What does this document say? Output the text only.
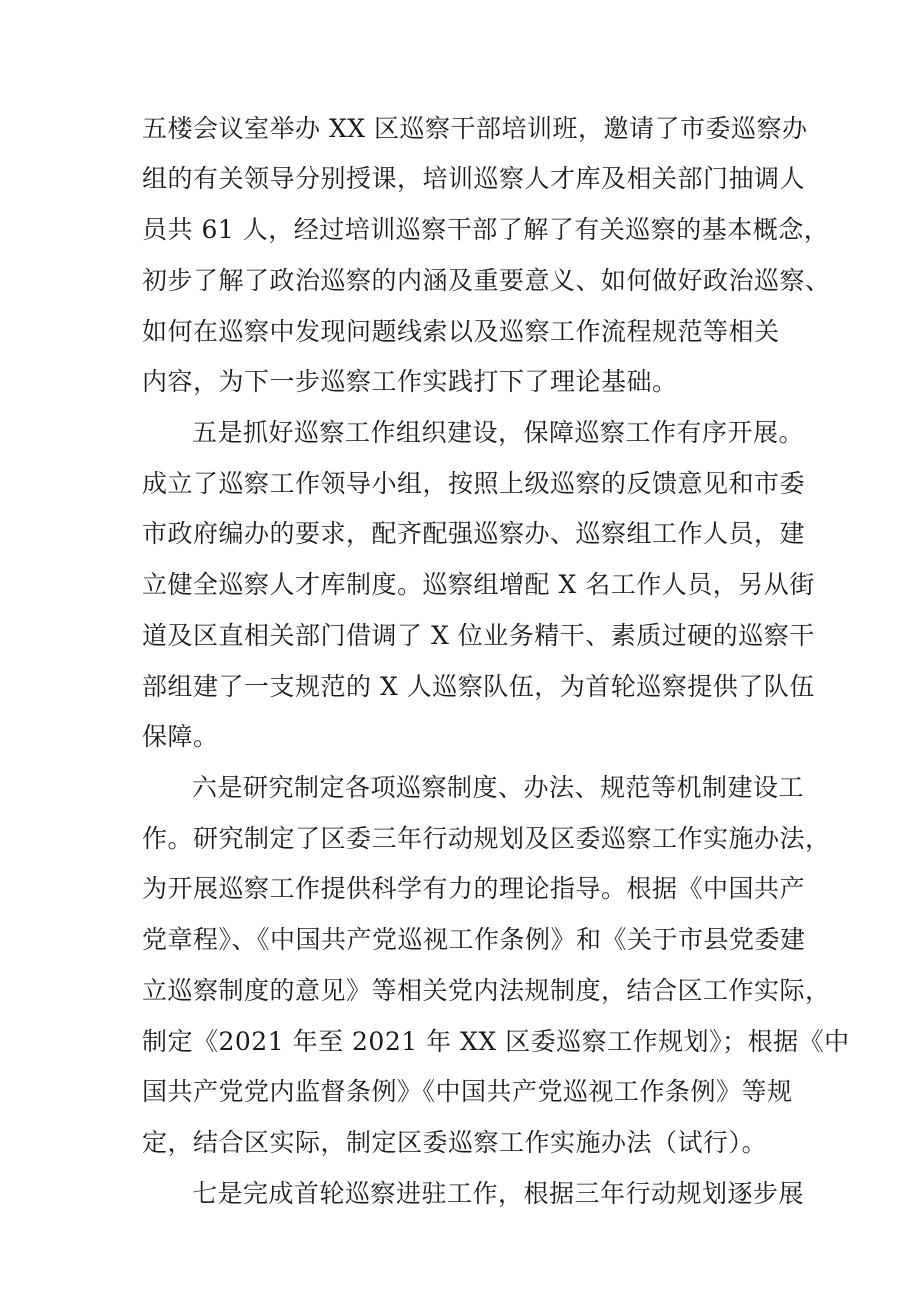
五楼会议室举办 XX 区巡察干部培训班，邀请了市委巡察办
组的有关领导分别授课，培训巡察人才库及相关部门抽调人
员共 61 人，经过培训巡察干部了解了有关巡察的基本概念，
初步了解了政治巡察的内涵及重要意义、如何做好政治巡察、
如何在巡察中发现问题线索以及巡察工作流程规范等相关
内容，为下一步巡察工作实践打下了理论基础。
五是抓好巡察工作组织建设，保障巡察工作有序开展。
成立了巡察工作领导小组，按照上级巡察的反馈意见和市委
市政府编办的要求，配齐配强巡察办、巡察组工作人员，建
立健全巡察人才库制度。巡察组增配 X 名工作人员，另从街
道及区直相关部门借调了 X 位业务精干、素质过硬的巡察干
部组建了一支规范的 X 人巡察队伍，为首轮巡察提供了队伍
保障。
六是研究制定各项巡察制度、办法、规范等机制建设工
作。研究制定了区委三年行动规划及区委巡察工作实施办法，
为开展巡察工作提供科学有力的理论指导。根据《中国共产
党章程》、《中国共产党巡视工作条例》和《关于市县党委建
立巡察制度的意见》等相关党内法规制度，结合区工作实际，
制定《2021 年至 2021 年 XX 区委巡察工作规划》；根据《中
国共产党党内监督条例》《中国共产党巡视工作条例》等规
定，结合区实际，制定区委巡察工作实施办法（试行）。
七是完成首轮巡察进驻工作，根据三年行动规划逐步展
